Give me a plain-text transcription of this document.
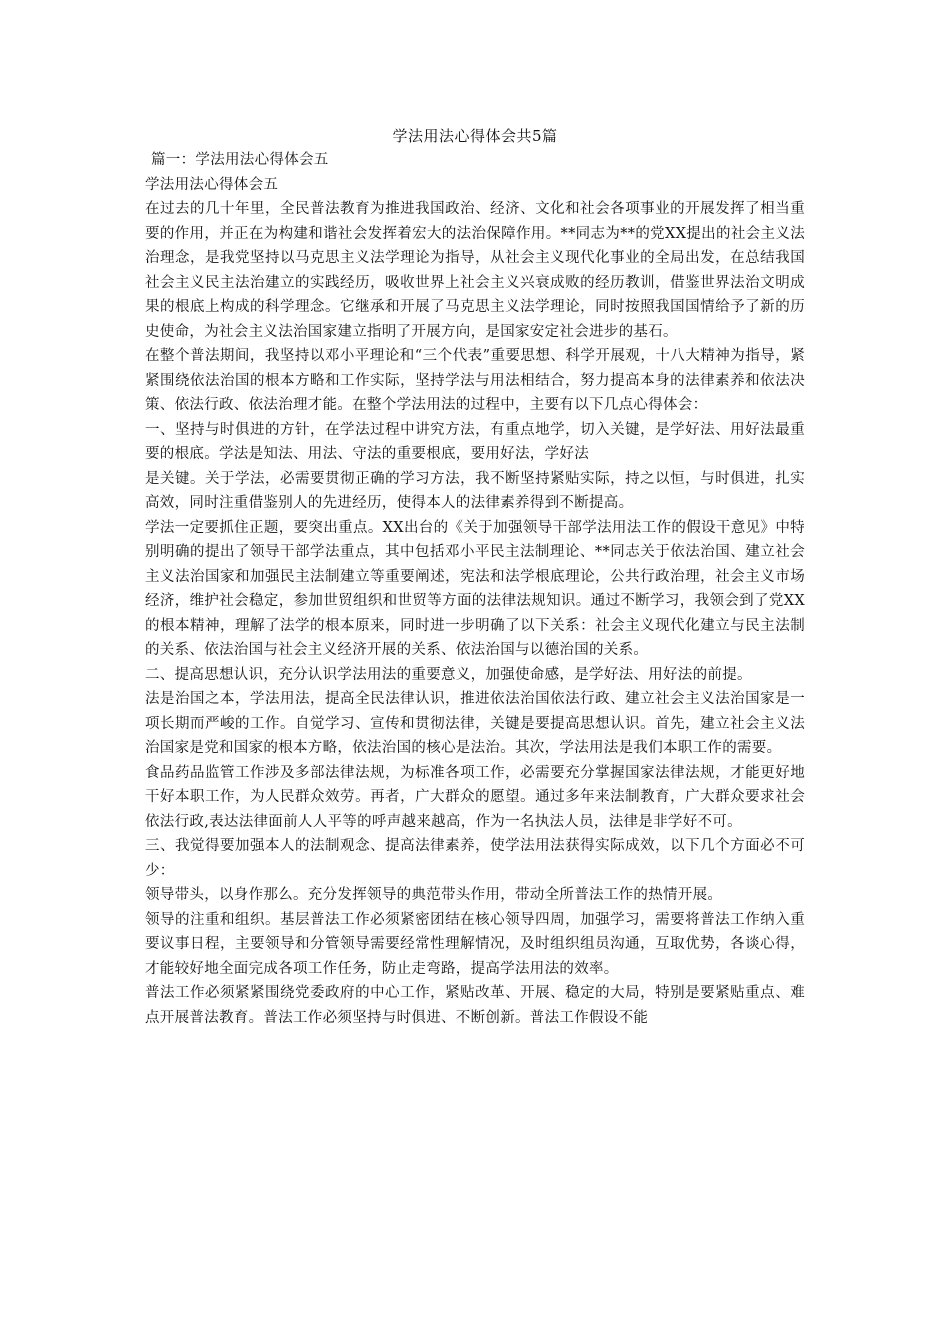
学法用法心得体会共5篇

篇一：学法用法心得体会五

学法用法心得体会五

在过去的几十年里，全民普法教育为推进我国政治、经济、文化和社会各项事业的开展发挥了相当重要的作用，并正在为构建和谐社会发挥着宏大的法治保障作用。**同志为**的党XX提出的社会主义法治理念，是我党坚持以马克思主义法学理论为指导，从社会主义现代化事业的全局出发，在总结我国社会主义民主法治建立的实践经历，吸收世界上社会主义兴衰成败的经历教训，借鉴世界法治文明成果的根底上构成的科学理念。它继承和开展了马克思主义法学理论，同时按照我国国情给予了新的历史使命，为社会主义法治国家建立指明了开展方向，是国家安定社会进步的基石。

在整个普法期间，我坚持以邓小平理论和“三个代表”重要思想、科学开展观，十八大精神为指导，紧紧围绕依法治国的根本方略和工作实际，坚持学法与用法相结合，努力提高本身的法律素养和依法决策、依法行政、依法治理才能。在整个学法用法的过程中，主要有以下几点心得体会：

一、坚持与时俱进的方针，在学法过程中讲究方法，有重点地学，切入关键，是学好法、用好法最重要的根底。学法是知法、用法、守法的重要根底，要用好法，学好法

是关键。关于学法，必需要贯彻正确的学习方法，我不断坚持紧贴实际，持之以恒，与时俱进，扎实高效，同时注重借鉴别人的先进经历，使得本人的法律素养得到不断提高。

学法一定要抓住正题，要突出重点。XX出台的《关于加强领导干部学法用法工作的假设干意见》中特别明确的提出了领导干部学法重点，其中包括邓小平民主法制理论、**同志关于依法治国、建立社会主义法治国家和加强民主法制建立等重要阐述，宪法和法学根底理论，公共行政治理，社会主义市场经济，维护社会稳定，参加世贸组织和世贸等方面的法律法规知识。通过不断学习，我领会到了党XX的根本精神，理解了法学的根本原来，同时进一步明确了以下关系：社会主义现代化建立与民主法制的关系、依法治国与社会主义经济开展的关系、依法治国与以德治国的关系。

二、提高思想认识，充分认识学法用法的重要意义，加强使命感，是学好法、用好法的前提。

法是治国之本，学法用法，提高全民法律认识，推进依法治国依法行政、建立社会主义法治国家是一项长期而严峻的工作。自觉学习、宣传和贯彻法律，关键是要提高思想认识。首先，建立社会主义法治国家是党和国家的根本方略，依法治国的核心是法治。其次，学法用法是我们本职工作的需要。

食品药品监管工作涉及多部法律法规，为标准各项工作，必需要充分掌握国家法律法规，才能更好地干好本职工作，为人民群众效劳。再者，广大群众的愿望。通过多年来法制教育，广大群众要求社会依法行政,表达法律面前人人平等的呼声越来越高，作为一名执法人员，法律是非学好不可。

三、我觉得要加强本人的法制观念、提高法律素养，使学法用法获得实际成效，以下几个方面必不可少：

领导带头，以身作那么。充分发挥领导的典范带头作用，带动全所普法工作的热情开展。

领导的注重和组织。基层普法工作必须紧密团结在核心领导四周，加强学习，需要将普法工作纳入重要议事日程，主要领导和分管领导需要经常性理解情况，及时组织组员沟通，互取优势，各谈心得，才能较好地全面完成各项工作任务，防止走弯路，提高学法用法的效率。

普法工作必须紧紧围绕党委政府的中心工作，紧贴改革、开展、稳定的大局，特别是要紧贴重点、难点开展普法教育。普法工作必须坚持与时俱进、不断创新。普法工作假设不能
